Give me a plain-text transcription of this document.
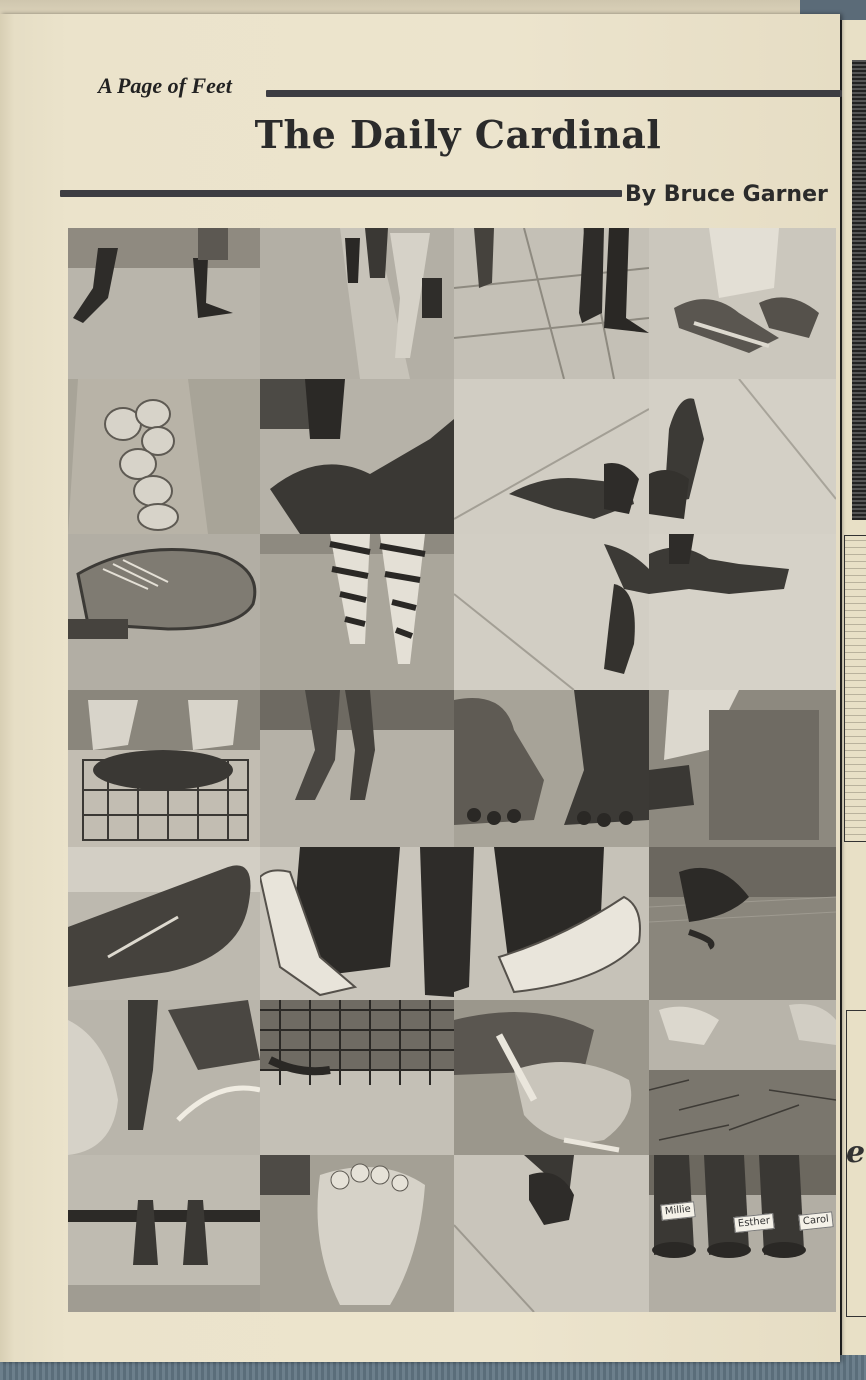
e
A Page of Feet
The Daily Cardinal
By Bruce Garner
Millie
Esther	Carol
